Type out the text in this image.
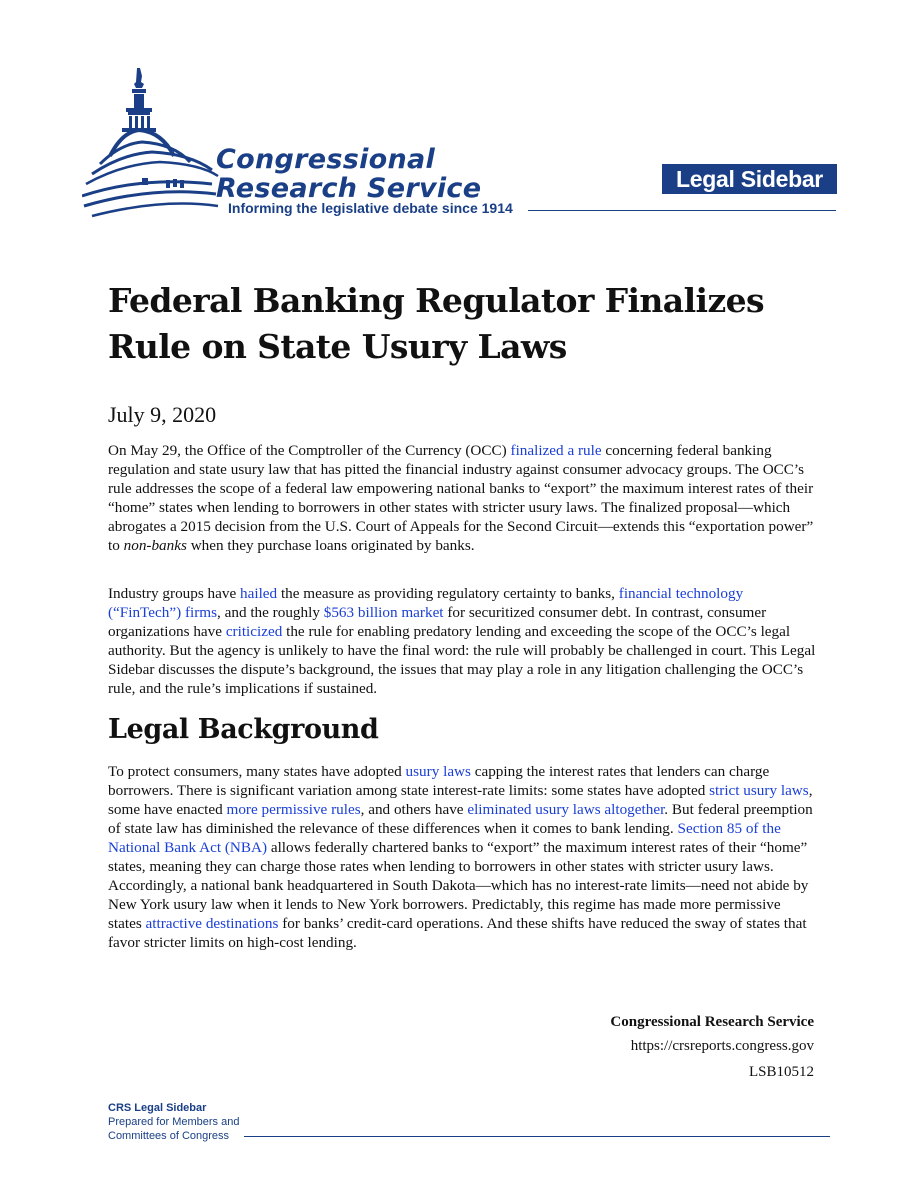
Congressional
Research Service
Informing the legislative debate since 1914
Legal Sidebar
Federal Banking Regulator Finalizes Rule on State Usury Laws
July 9, 2020

On May 29, the Office of the Comptroller of the Currency (OCC) finalized a rule concerning federal banking regulation and state usury law that has pitted the financial industry against consumer advocacy groups. The OCC’s rule addresses the scope of a federal law empowering national banks to “export” the maximum interest rates of their “home” states when lending to borrowers in other states with stricter usury laws. The finalized proposal—which abrogates a 2015 decision from the U.S. Court of Appeals for the Second Circuit—extends this “exportation power” to non-banks when they purchase loans originated by banks.

Industry groups have hailed the measure as providing regulatory certainty to banks, financial technology (“FinTech”) firms, and the roughly $563 billion market for securitized consumer debt. In contrast, consumer organizations have criticized the rule for enabling predatory lending and exceeding the scope of the OCC’s legal authority. But the agency is unlikely to have the final word: the rule will probably be challenged in court. This Legal Sidebar discusses the dispute’s background, the issues that may play a role in any litigation challenging the OCC’s rule, and the rule’s implications if sustained.

Legal Background

To protect consumers, many states have adopted usury laws capping the interest rates that lenders can charge borrowers. There is significant variation among state interest-rate limits: some states have adopted strict usury laws, some have enacted more permissive rules, and others have eliminated usury laws altogether. But federal preemption of state law has diminished the relevance of these differences when it comes to bank lending. Section 85 of the National Bank Act (NBA) allows federally chartered banks to “export” the maximum interest rates of their “home” states, meaning they can charge those rates when lending to borrowers in other states with stricter usury laws. Accordingly, a national bank headquartered in South Dakota—which has no interest-rate limits—need not abide by New York usury law when it lends to New York borrowers. Predictably, this regime has made more permissive states attractive destinations for banks’ credit-card operations. And these shifts have reduced the sway of states that favor stricter limits on high-cost lending.

Congressional Research Service
https://crsreports.congress.gov
LSB10512
CRS Legal Sidebar
Prepared for Members and
Committees of Congress
